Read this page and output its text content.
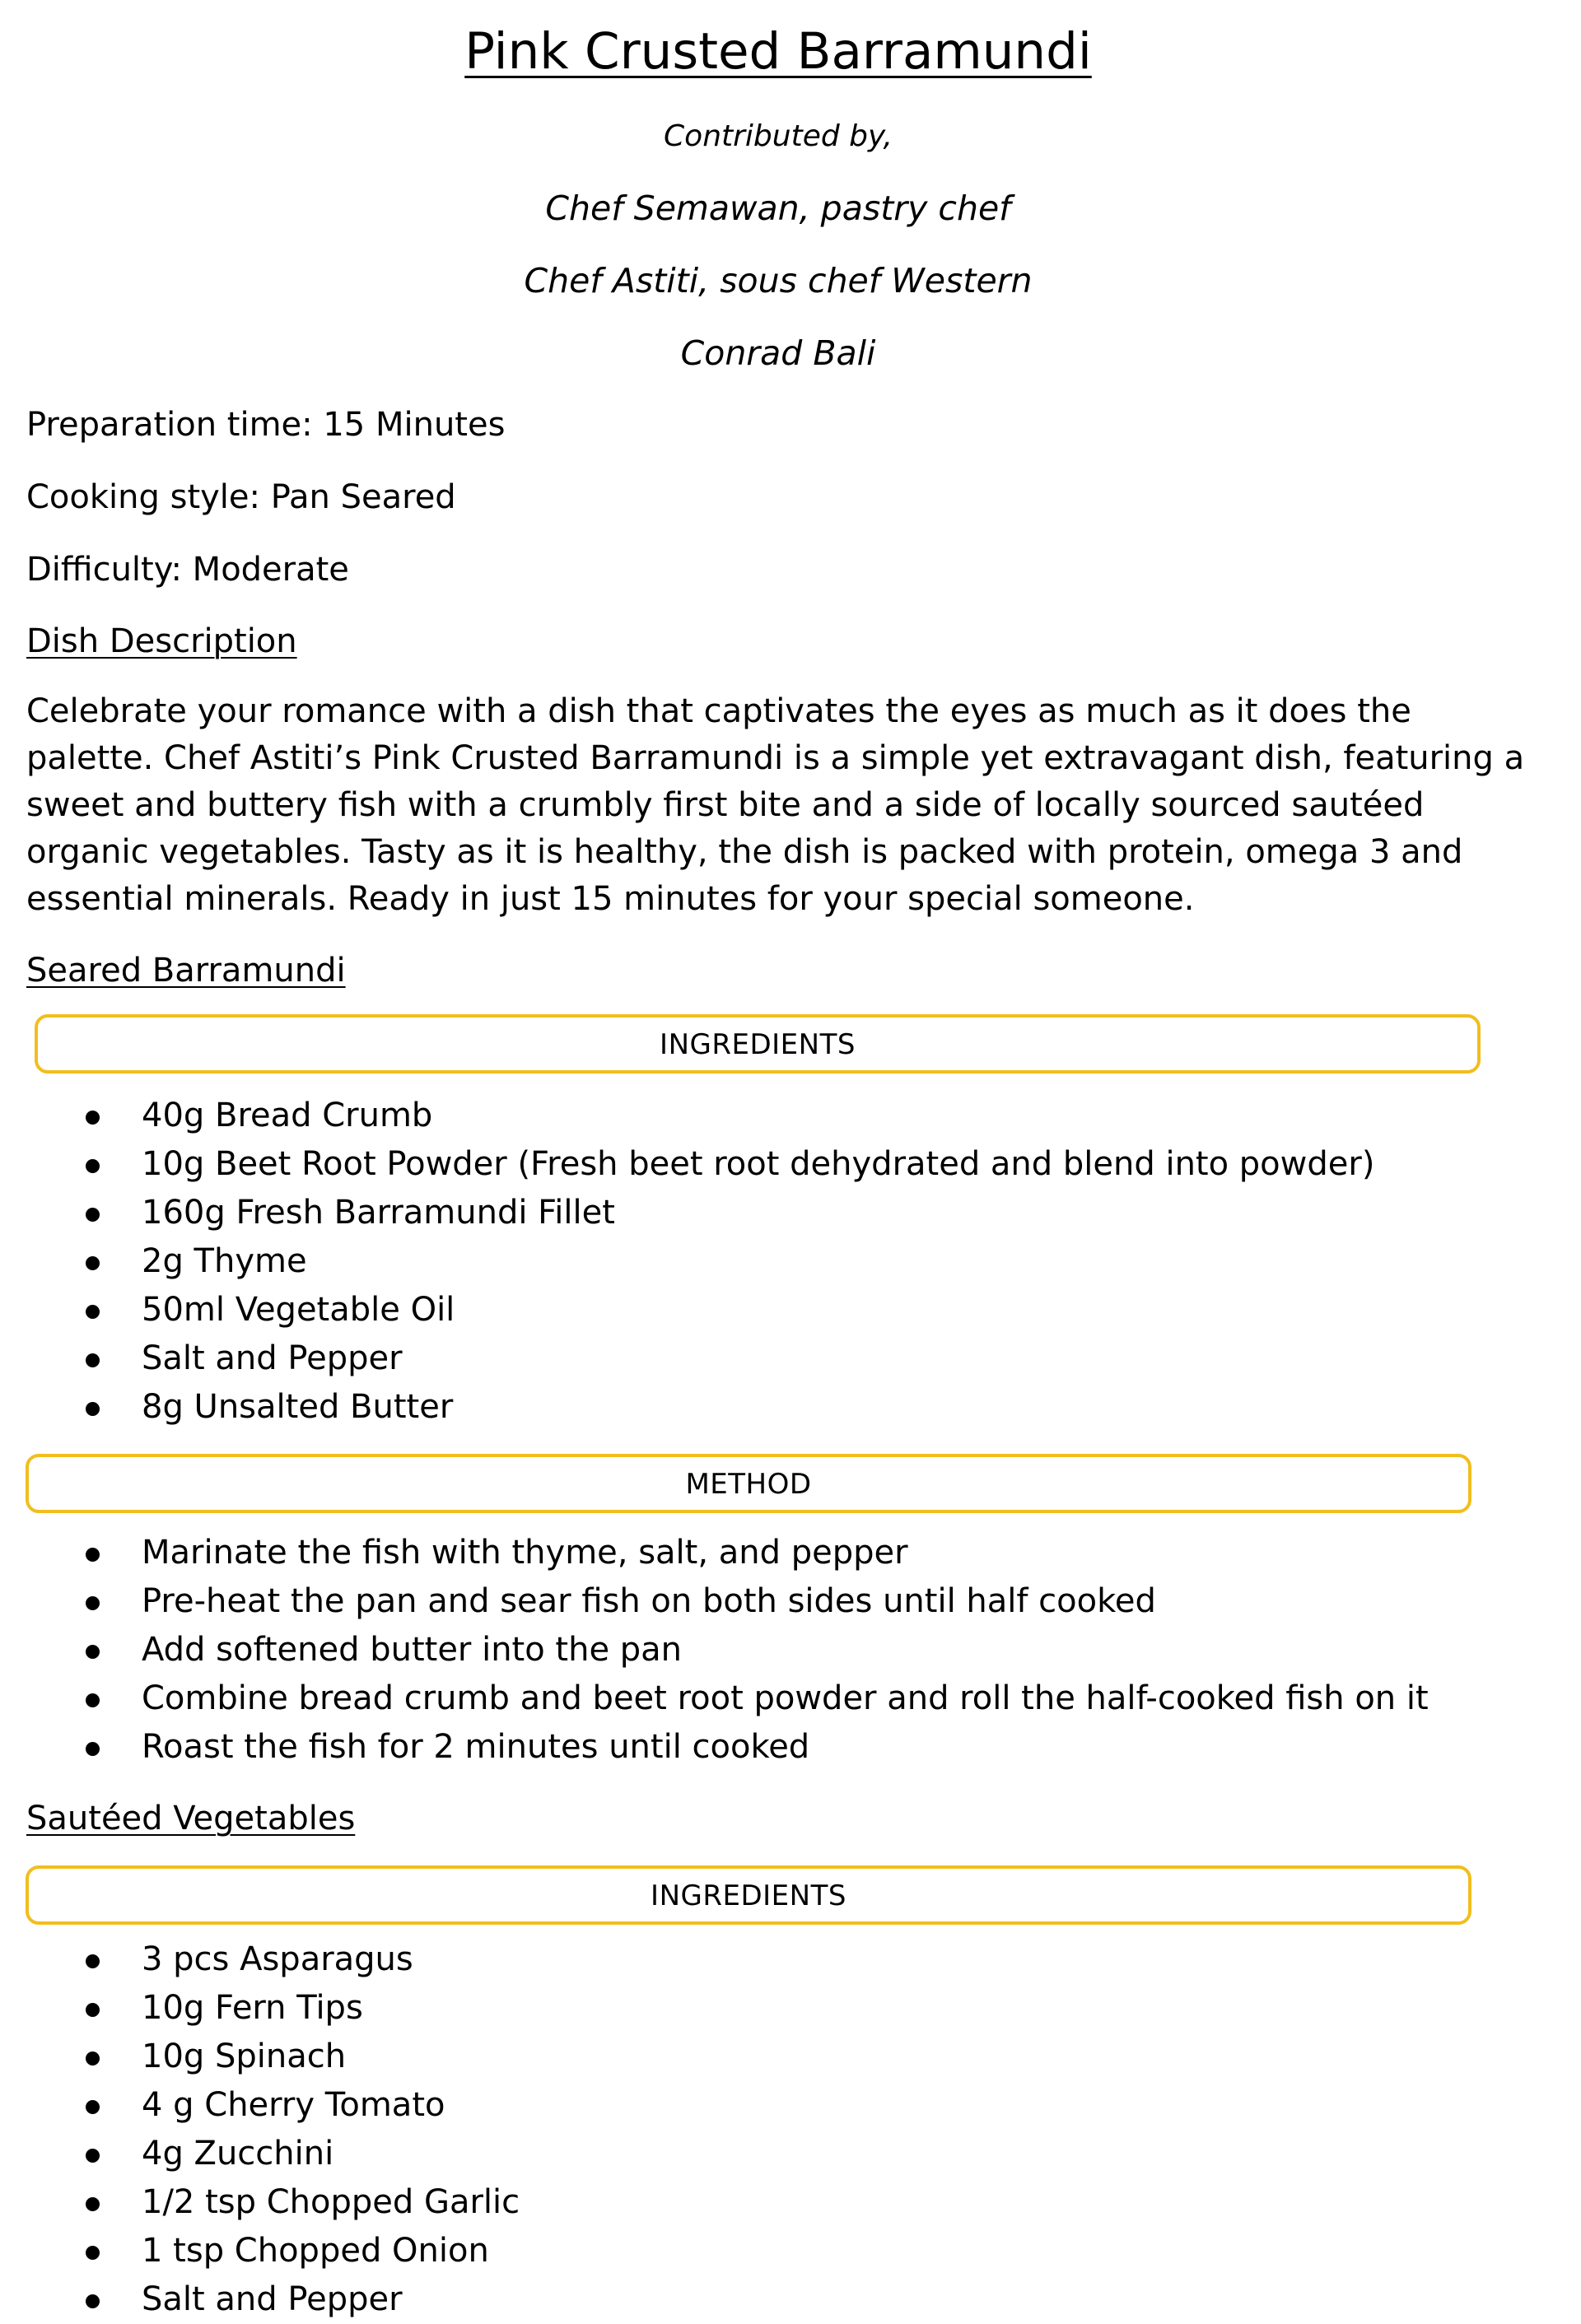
Pink Crusted Barramundi
Contributed by,
Chef Semawan, pastry chef
Chef Astiti, sous chef Western
Conrad Bali
Preparation time: 15 Minutes
Cooking style: Pan Seared
Difficulty: Moderate
Dish Description

Celebrate your romance with a dish that captivates the eyes as much as it does the palette. Chef Astiti’s Pink Crusted Barramundi is a simple yet extravagant dish, featuring a sweet and buttery fish with a crumbly first bite and a side of locally sourced sautéed organic vegetables. Tasty as it is healthy, the dish is packed with protein, omega 3 and essential minerals. Ready in just 15 minutes for your special someone.

Seared Barramundi
INGREDIENTS
40g Bread Crumb
10g Beet Root Powder (Fresh beet root dehydrated and blend into powder)
160g Fresh Barramundi Fillet
2g Thyme
50ml Vegetable Oil
Salt and Pepper
8g Unsalted Butter
METHOD
Marinate the fish with thyme, salt, and pepper
Pre-heat the pan and sear fish on both sides until half cooked
Add softened butter into the pan
Combine bread crumb and beet root powder and roll the half-cooked fish on it
Roast the fish for 2 minutes until cooked
Sautéed Vegetables
INGREDIENTS
3 pcs Asparagus
10g Fern Tips
10g Spinach
4 g Cherry Tomato
4g Zucchini
1/2 tsp Chopped Garlic
1 tsp Chopped Onion
Salt and Pepper
